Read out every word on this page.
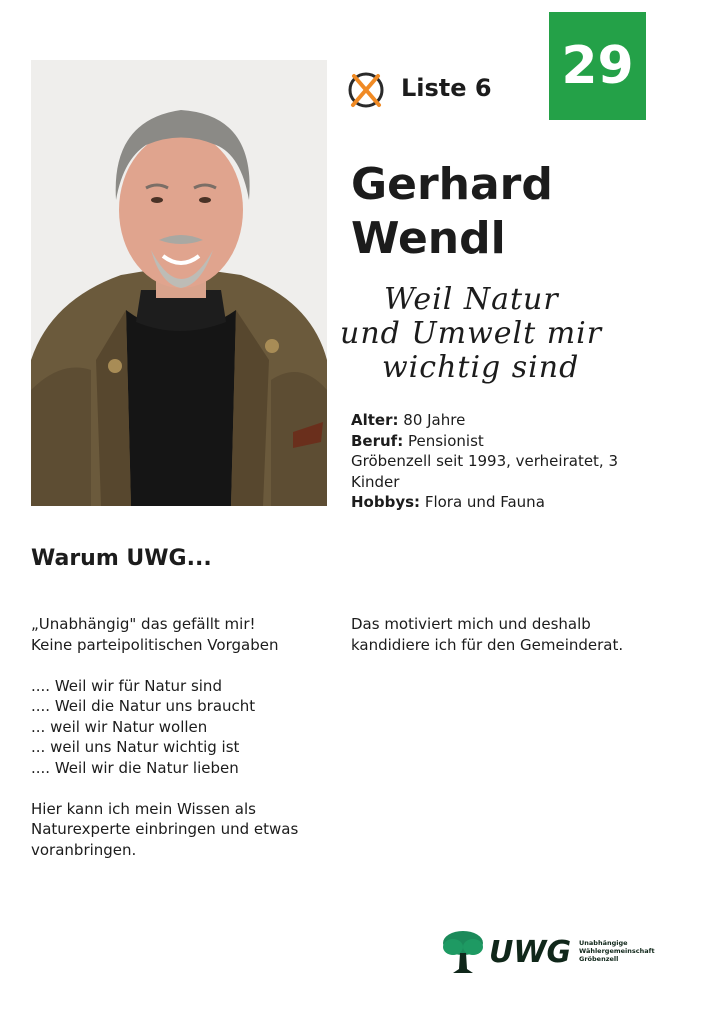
Liste 6 29
Gerhard
Wendl
Weil Natur
und Umwelt mir
wichtig sind
Alter: 80 Jahre
Beruf: Pensionist
Gröbenzell seit 1993, verheiratet, 3
Kinder
Hobbys: Flora und Fauna
Warum UWG...
„Unabhängig" das gefällt mir!
Keine parteipolitischen Vorgaben
.... Weil wir für Natur sind
.... Weil die Natur uns braucht
... weil wir Natur wollen
... weil uns Natur wichtig ist
.... Weil wir die Natur lieben
Hier kann ich mein Wissen als
Naturexperte einbringen und etwas
voranbringen.
Das motiviert mich und deshalb
kandidiere ich für den Gemeinderat.
UWG Unabhängige
Wählergemeinschaft
Gröbenzell
